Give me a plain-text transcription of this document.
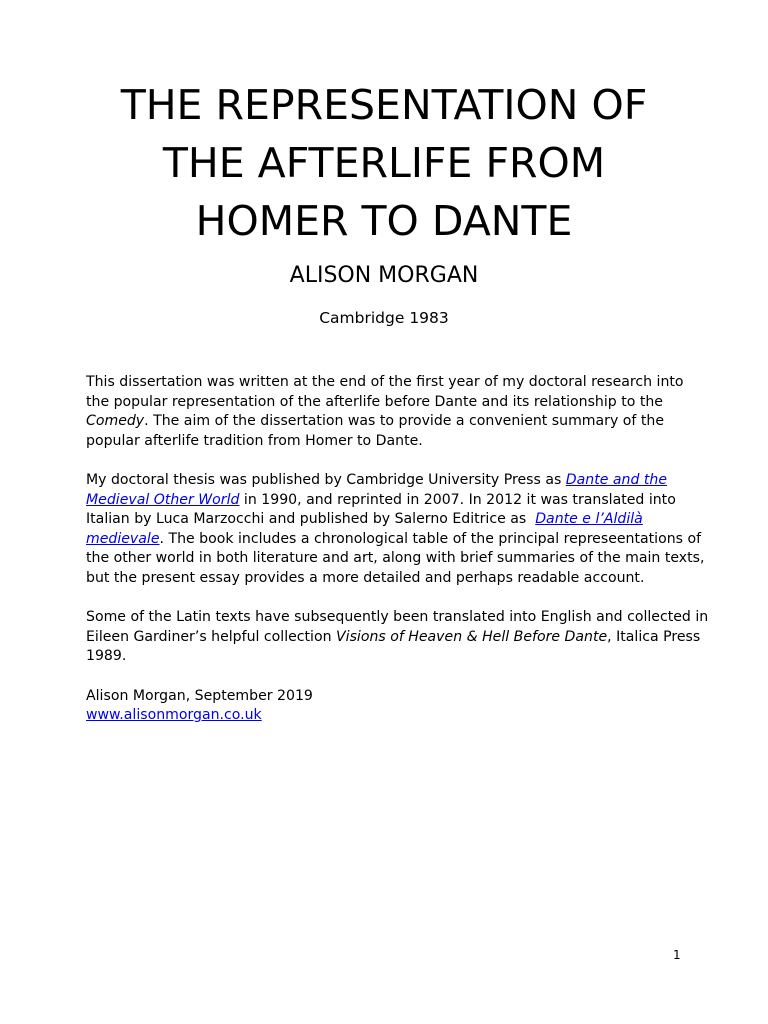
THE REPRESENTATION OF
THE AFTERLIFE FROM
HOMER TO DANTE
ALISON MORGAN
Cambridge 1983

This dissertation was written at the end of the first year of my doctoral research into
the popular representation of the afterlife before Dante and its relationship to the
Comedy. The aim of the dissertation was to provide a convenient summary of the
popular afterlife tradition from Homer to Dante.

My doctoral thesis was published by Cambridge University Press as Dante and the
Medieval Other World in 1990, and reprinted in 2007. In 2012 it was translated into
Italian by Luca Marzocchi and published by Salerno Editrice as  Dante e l’Aldilà
medievale. The book includes a chronological table of the principal represeentations of
the other world in both literature and art, along with brief summaries of the main texts,
but the present essay provides a more detailed and perhaps readable account.

Some of the Latin texts have subsequently been translated into English and collected in
Eileen Gardiner’s helpful collection Visions of Heaven & Hell Before Dante, Italica Press
1989.

Alison Morgan, September 2019
www.alisonmorgan.co.uk

1
